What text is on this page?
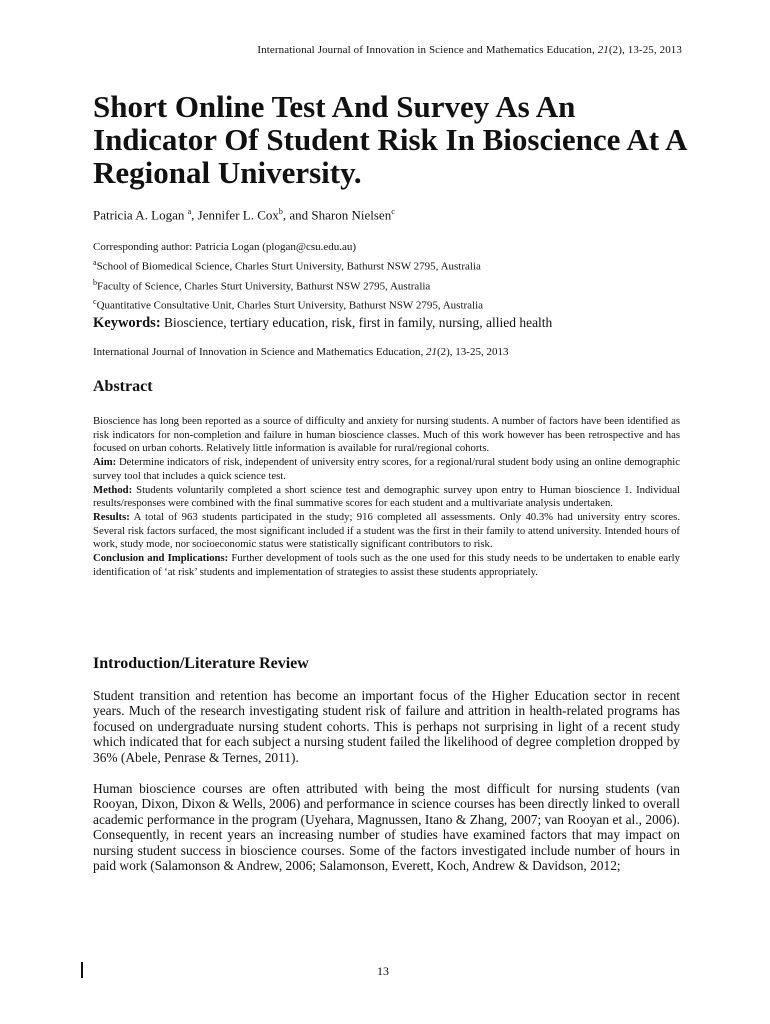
International Journal of Innovation in Science and Mathematics Education, 21(2), 13-25, 2013
Short Online Test And Survey As An Indicator Of Student Risk In Bioscience At A Regional University.
Patricia A. Logan $^a$, Jennifer L. Cox$^b$, and Sharon Nielsen$^c$
Corresponding author: Patricia Logan (plogan@csu.edu.au)
$^a$School of Biomedical Science, Charles Sturt University, Bathurst NSW 2795, Australia
$^b$Faculty of Science, Charles Sturt University, Bathurst NSW 2795, Australia
$^c$Quantitative Consultative Unit, Charles Sturt University, Bathurst NSW 2795, Australia
Keywords: Bioscience, tertiary education, risk, first in family, nursing, allied health
International Journal of Innovation in Science and Mathematics Education, 21(2), 13-25, 2013
Abstract

Bioscience has long been reported as a source of difficulty and anxiety for nursing students. A number of factors have been identified as risk indicators for non-completion and failure in human bioscience classes. Much of this work however has been retrospective and has focused on urban cohorts. Relatively little information is available for rural/regional cohorts.

Aim: Determine indicators of risk, independent of university entry scores, for a regional/rural student body using an online demographic survey tool that includes a quick science test.

Method: Students voluntarily completed a short science test and demographic survey upon entry to Human bioscience 1. Individual results/responses were combined with the final summative scores for each student and a multivariate analysis undertaken.

Results: A total of 963 students participated in the study; 916 completed all assessments. Only 40.3% had university entry scores. Several risk factors surfaced, the most significant included if a student was the first in their family to attend university. Intended hours of work, study mode, nor socioeconomic status were statistically significant contributors to risk.

Conclusion and Implications: Further development of tools such as the one used for this study needs to be undertaken to enable early identification of ‘at risk’ students and implementation of strategies to assist these students appropriately.

Introduction/Literature Review

Student transition and retention has become an important focus of the Higher Education sector in recent years. Much of the research investigating student risk of failure and attrition in health-related programs has focused on undergraduate nursing student cohorts. This is perhaps not surprising in light of a recent study which indicated that for each subject a nursing student failed the likelihood of degree completion dropped by 36% (Abele, Penrase & Ternes, 2011).

Human bioscience courses are often attributed with being the most difficult for nursing students (van Rooyan, Dixon, Dixon & Wells, 2006) and performance in science courses has been directly linked to overall academic performance in the program (Uyehara, Magnussen, Itano & Zhang, 2007; van Rooyan et al., 2006). Consequently, in recent years an increasing number of studies have examined factors that may impact on nursing student success in bioscience courses. Some of the factors investigated include number of hours in paid work (Salamonson & Andrew, 2006; Salamonson, Everett, Koch, Andrew & Davidson, 2012;

13
